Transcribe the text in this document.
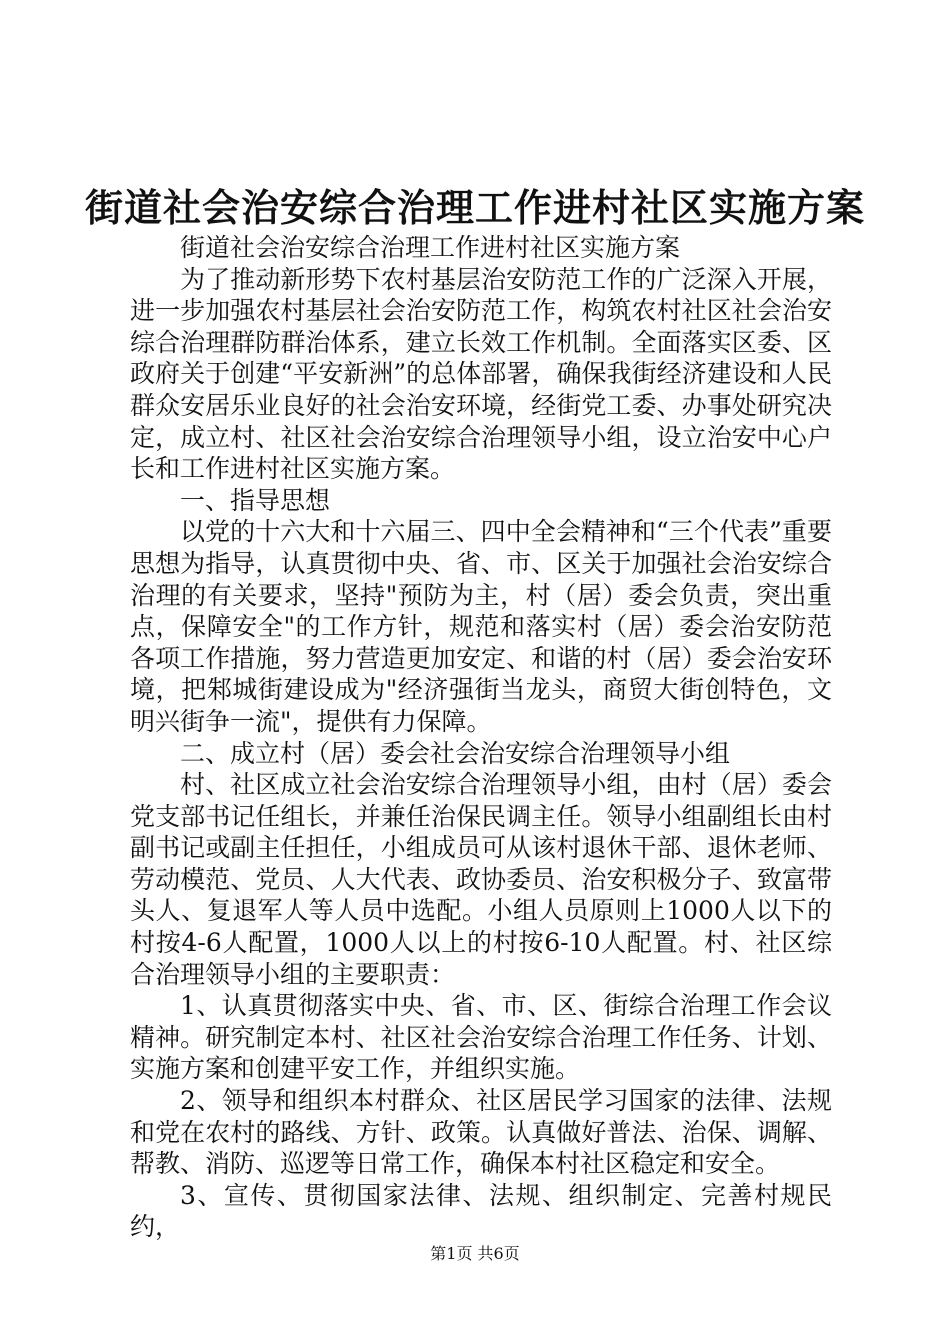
街道社会治安综合治理工作进村社区实施方案

街道社会治安综合治理工作进村社区实施方案

为了推动新形势下农村基层治安防范工作的广泛深入开展，进一步加强农村基层社会治安防范工作，构筑农村社区社会治安综合治理群防群治体系，建立长效工作机制。全面落实区委、区政府关于创建“平安新洲”的总体部署，确保我街经济建设和人民群众安居乐业良好的社会治安环境，经街党工委、办事处研究决定，成立村、社区社会治安综合治理领导小组，设立治安中心户长和工作进村社区实施方案。

一、指导思想

以党的十六大和十六届三、四中全会精神和“三个代表”重要思想为指导，认真贯彻中央、省、市、区关于加强社会治安综合治理的有关要求，坚持"预防为主，村（居）委会负责，突出重点，保障安全"的工作方针，规范和落实村（居）委会治安防范各项工作措施，努力营造更加安定、和谐的村（居）委会治安环境，把邾城街建设成为"经济强街当龙头，商贸大街创特色，文明兴街争一流"，提供有力保障。

二、成立村（居）委会社会治安综合治理领导小组

村、社区成立社会治安综合治理领导小组，由村（居）委会党支部书记任组长，并兼任治保民调主任。领导小组副组长由村副书记或副主任担任，小组成员可从该村退休干部、退休老师、劳动模范、党员、人大代表、政协委员、治安积极分子、致富带头人、复退军人等人员中选配。小组人员原则上1000人以下的村按4-6人配置，1000人以上的村按6-10人配置。村、社区综合治理领导小组的主要职责：

1、认真贯彻落实中央、省、市、区、街综合治理工作会议精神。研究制定本村、社区社会治安综合治理工作任务、计划、实施方案和创建平安工作，并组织实施。

2、领导和组织本村群众、社区居民学习国家的法律、法规和党在农村的路线、方针、政策。认真做好普法、治保、调解、帮教、消防、巡逻等日常工作，确保本村社区稳定和安全。

3、宣传、贯彻国家法律、法规、组织制定、完善村规民约，

第1页 共6页
